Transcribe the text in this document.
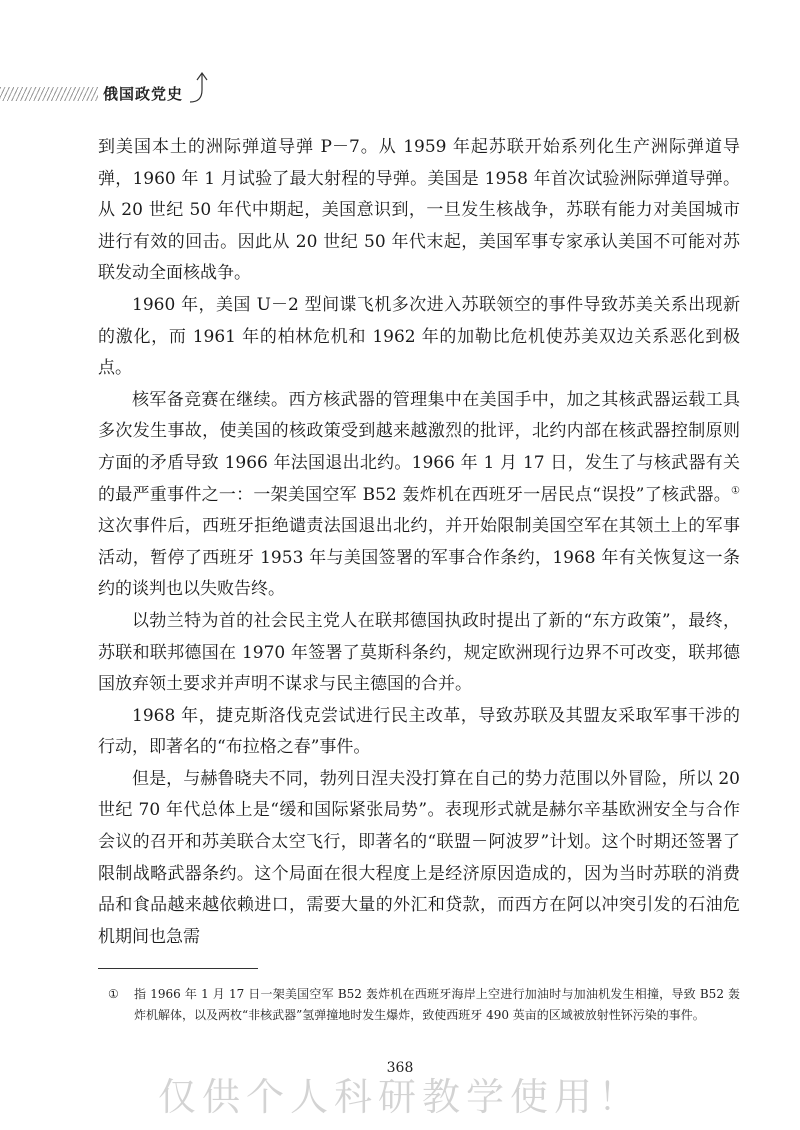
俄国政党史

到美国本土的洲际弹道导弹 P－7。从 1959 年起苏联开始系列化生产洲际弹道导弹，1960 年 1 月试验了最大射程的导弹。美国是 1958 年首次试验洲际弹道导弹。从 20 世纪 50 年代中期起，美国意识到，一旦发生核战争，苏联有能力对美国城市进行有效的回击。因此从 20 世纪 50 年代末起，美国军事专家承认美国不可能对苏联发动全面核战争。

1960 年，美国 U－2 型间谍飞机多次进入苏联领空的事件导致苏美关系出现新的激化，而 1961 年的柏林危机和 1962 年的加勒比危机使苏美双边关系恶化到极点。

核军备竞赛在继续。西方核武器的管理集中在美国手中，加之其核武器运载工具多次发生事故，使美国的核政策受到越来越激烈的批评，北约内部在核武器控制原则方面的矛盾导致 1966 年法国退出北约。1966 年 1 月 17 日，发生了与核武器有关的最严重事件之一：一架美国空军 B52 轰炸机在西班牙一居民点“误投”了核武器。①这次事件后，西班牙拒绝谴责法国退出北约，并开始限制美国空军在其领土上的军事活动，暂停了西班牙 1953 年与美国签署的军事合作条约，1968 年有关恢复这一条约的谈判也以失败告终。

以勃兰特为首的社会民主党人在联邦德国执政时提出了新的“东方政策”，最终，苏联和联邦德国在 1970 年签署了莫斯科条约，规定欧洲现行边界不可改变，联邦德国放弃领土要求并声明不谋求与民主德国的合并。

1968 年，捷克斯洛伐克尝试进行民主改革，导致苏联及其盟友采取军事干涉的行动，即著名的“布拉格之春”事件。

但是，与赫鲁晓夫不同，勃列日涅夫没打算在自己的势力范围以外冒险，所以 20 世纪 70 年代总体上是“缓和国际紧张局势”。表现形式就是赫尔辛基欧洲安全与合作会议的召开和苏美联合太空飞行，即著名的“联盟－阿波罗”计划。这个时期还签署了限制战略武器条约。这个局面在很大程度上是经济原因造成的，因为当时苏联的消费品和食品越来越依赖进口，需要大量的外汇和贷款，而西方在阿以冲突引发的石油危机期间也急需

①	指 1966 年 1 月 17 日一架美国空军 B52 轰炸机在西班牙海岸上空进行加油时与加油机发生相撞，导致 B52 轰炸机解体，以及两枚“非核武器”氢弹撞地时发生爆炸，致使西班牙 490 英亩的区域被放射性钚污染的事件。
368
仅供个人科研教学使用！
